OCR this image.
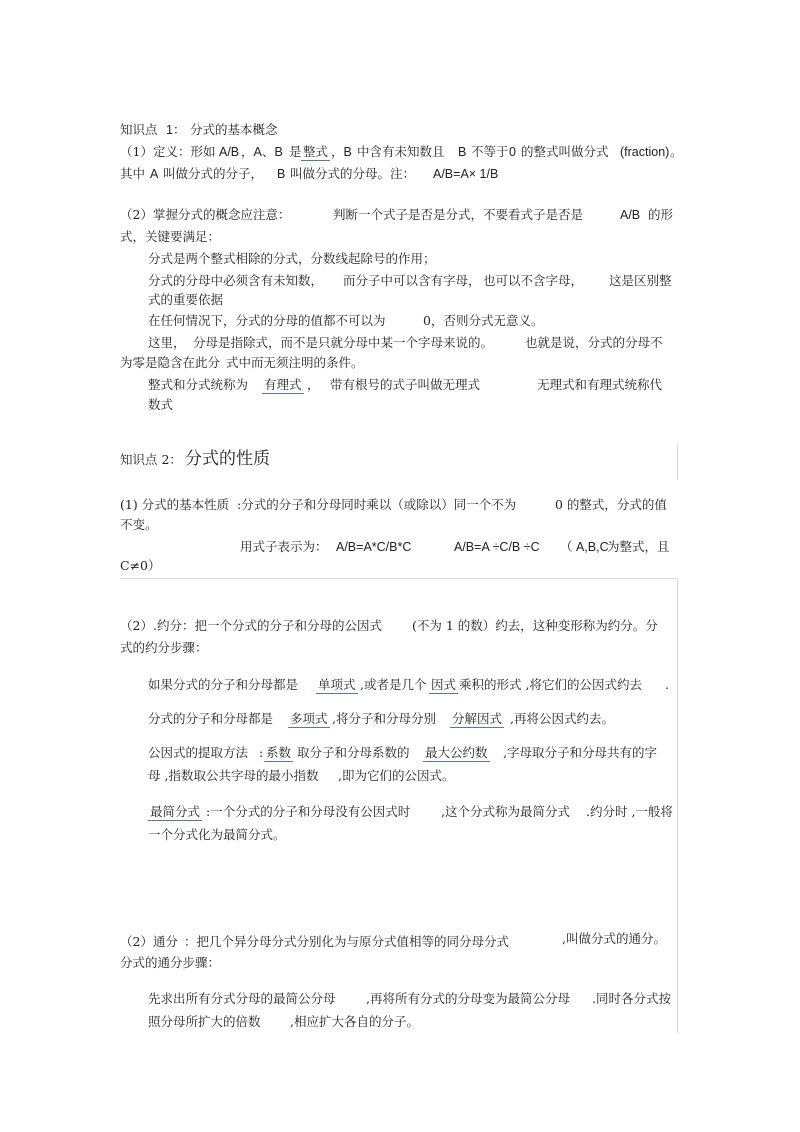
知识点 1： 分式的基本概念
（1）定义：形如 A/B ，A 、B 是 整式 ，B 中含有未知数且 B 不等于 0 的整式叫做分式 (fraction) 。
其中 A 叫做分式的分子， B 叫做分式的分母。注： A/B=A× 1/B
（2）掌握分式的概念应注意：	判断一个式子是否是分式，不要看式子是否是	A/B 的形
式，关键要满足：
分式是两个整式相除的分式，分数线起除号的作用；
分式的分母中必须含有未知数， 而分子中可以含有字母， 也可以不含字母， 这是区别整
式的重要依据
在任何情况下，分式的分母的值都不可以为	0，否则分式无意义。
这里， 分母是指除式，而不是只就分母中某一个字母来说的。	也就是说，分式的分母不
为零是隐含在此分 式中而无须注明的条件。
整式和分式统称为 有理式 ， 带有根号的式子叫做无理式	无理式和有理式统称代
数式
知识点 2： 分式的性质
(1) 分式的基本性质 :分式的分子和分母同时乘以（或除以）同一个不为	0 的整式，分式的值
不变。
用式子表示为： A/B=A*C/B*C	A/B=A ÷C/B ÷C （ A,B,C
为整式，且
C≠0）
（2） .约分：把一个分式的分子和分母的公因式 (不为 1 的数）约去，这种变形称为约分。分
式的约分步骤：
如果分式的分子和分母都是 单项式 ,或者是几个 因式 乘积的形式 ,将它们的公因式约去 .
分式的分子和分母都是 多项式 ,将分子和分母分别 分解因式 ,再将公因式约去。
公因式的提取方法 : 系数 取分子和分母系数的 最大公约数 ,字母取分子和分母共有的字
母 ,指数取公共字母的最小指数 ,即为它们的公因式。
最简分式 :一个分式的分子和分母没有公因式时 ,这个分式称为最简分式 .约分时 ,一般将
一个分式化为最简分式。
（2）通分 ：把几个异分母分式分别化为与原分式值相等的同分母分式	,叫做分式的通分。
分式的通分步骤：
先求出所有分式分母的最简公分母 ,再将所有分式的分母变为最简公分母 .同时各分式按
照分母所扩大的倍数 ,相应扩大各自的分子。
